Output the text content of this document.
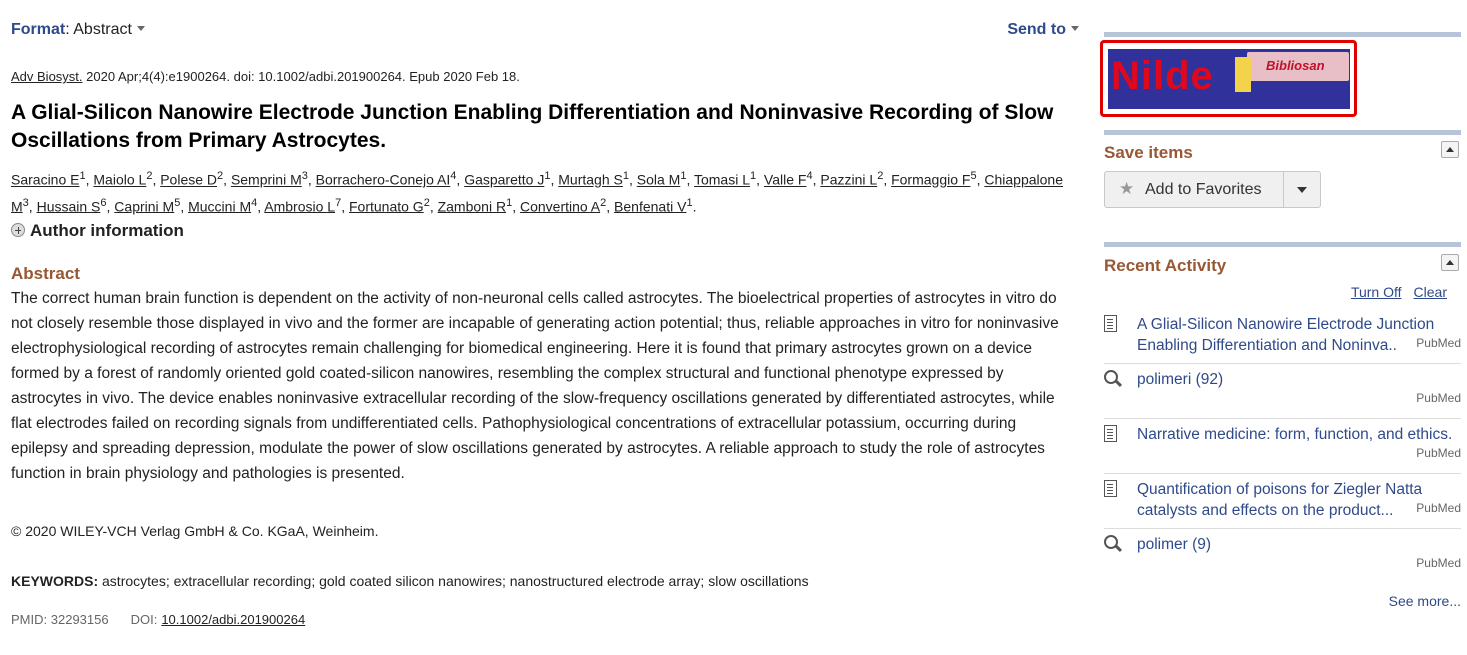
Format: Abstract	Send to
Adv Biosyst. 2020 Apr;4(4):e1900264. doi: 10.1002/adbi.201900264. Epub 2020 Feb 18.
A Glial-Silicon Nanowire Electrode Junction Enabling Differentiation and Noninvasive Recording of Slow Oscillations from Primary Astrocytes.
Saracino $E^1$, Maiolo $L^2$, Polese $D^2$, Semprini $M^3$, Borrachero-Conejo $AI^4$, Gasparetto $J^1$, Murtagh $S^1$, Sola $M^1$, Tomasi $L^1$, Valle $F^4$, Pazzini $L^2$, Formaggio $F^5$, Chiappalone $M^3$, Hussain $S^6$, Caprini $M^5$, Muccini $M^4$, Ambrosio $L^7$, Fortunato $G^2$, Zamboni $R^1$, Convertino $A^2$, Benfenati $V^1$.
Author information
Abstract

The correct human brain function is dependent on the activity of non-neuronal cells called astrocytes. The bioelectrical properties of astrocytes in vitro do not closely resemble those displayed in vivo and the former are incapable of generating action potential; thus, reliable approaches in vitro for noninvasive electrophysiological recording of astrocytes remain challenging for biomedical engineering. Here it is found that primary astrocytes grown on a device formed by a forest of randomly oriented gold coated-silicon nanowires, resembling the complex structural and functional phenotype expressed by astrocytes in vivo. The device enables noninvasive extracellular recording of the slow-frequency oscillations generated by differentiated astrocytes, while flat electrodes failed on recording signals from undifferentiated cells. Pathophysiological concentrations of extracellular potassium, occurring during epilepsy and spreading depression, modulate the power of slow oscillations generated by astrocytes. A reliable approach to study the role of astrocytes function in brain physiology and pathologies is presented.

© 2020 WILEY-VCH Verlag GmbH & Co. KGaA, Weinheim.
KEYWORDS: astrocytes; extracellular recording; gold coated silicon nanowires; nanostructured electrode array; slow oscillations
PMID: 32293156 DOI: 10.1002/adbi.201900264
Nilde	Bibliosan
Save items
★ Add to Favorites
Recent Activity
Turn Off Clear
A Glial-Silicon Nanowire Electrode Junction Enabling Differentiation and Noninva..	PubMed
polimeri (92)
PubMed
Narrative medicine: form, function, and ethics.
PubMed
Quantification of poisons for Ziegler Natta catalysts and effects on the product...	PubMed
polimer (9)
PubMed
See more...
